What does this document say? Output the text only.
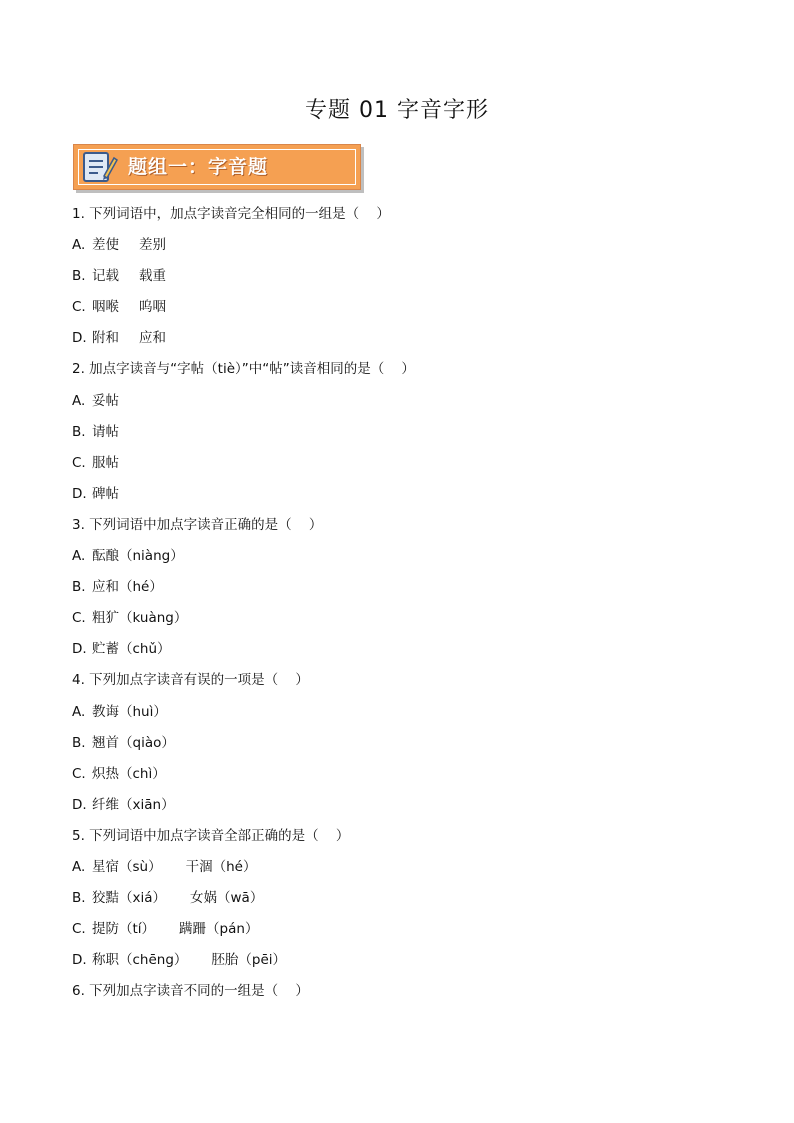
专题 01 字音字形
题组一：字音题
1. 下列词语中，加点字读音完全相同的一组是（    ）
A. 差使 差别
B. 记载 载重
C. 咽喉 呜咽
D. 附和 应和
2. 加点字读音与“字帖（tiè）”中“帖”读音相同的是（    ）
A. 妥帖
B. 请帖
C. 服帖
D. 碑帖
3. 下列词语中加点字读音正确的是（    ）
A. 酝酿（niàng）
B. 应和（hé）
C. 粗犷（kuàng）
D. 贮蓄（chǔ）
4. 下列加点字读音有误的一项是（    ）
A. 教诲（huì）
B. 翘首（qiào）
C. 炽热（chì）
D. 纤维（xiān）
5. 下列词语中加点字读音全部正确的是（    ）
A. 星宿（sù） 干涸（hé）
B. 狡黠（xiá） 女娲（wā）
C. 提防（tí） 蹒跚（pán）
D. 称职（chēng） 胚胎（pēi）
6. 下列加点字读音不同的一组是（    ）
